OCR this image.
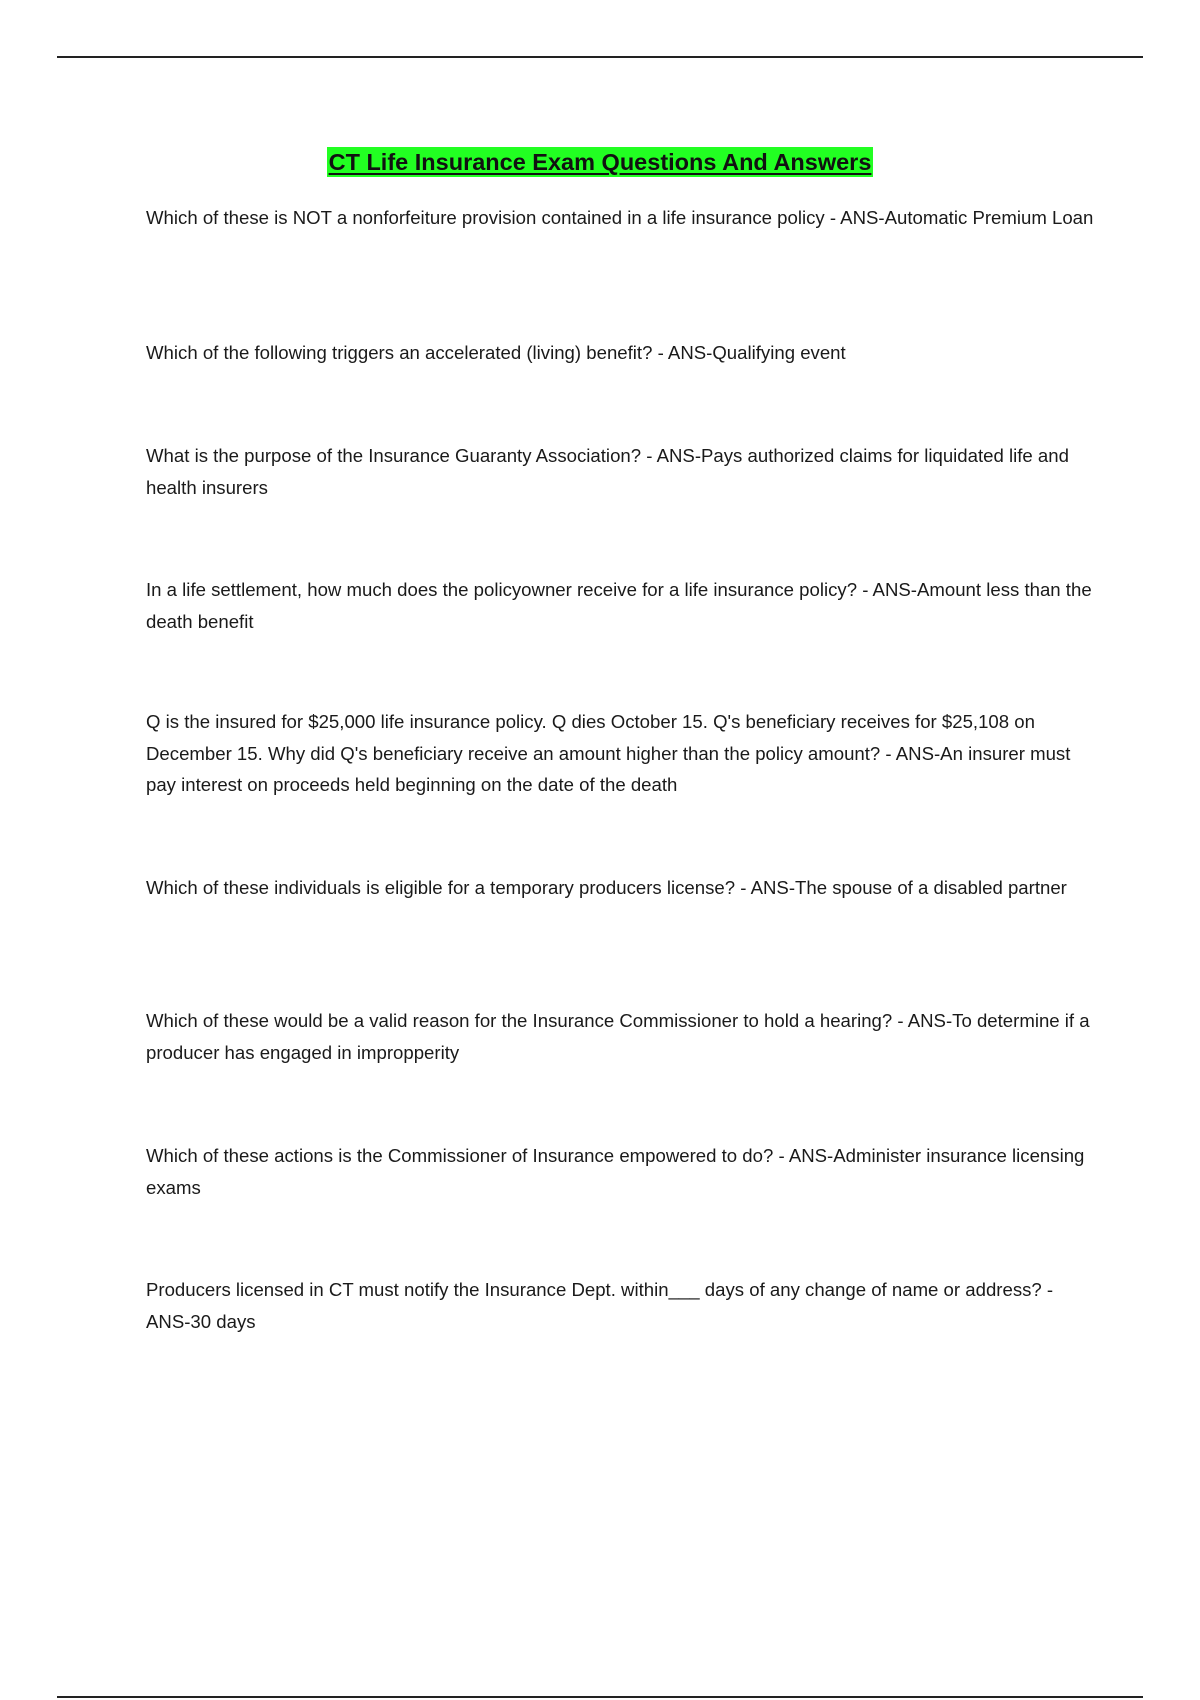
CT Life Insurance Exam Questions And Answers

Which of these is NOT a nonforfeiture provision contained in a life insurance policy - ANS-Automatic Premium Loan

Which of the following triggers an accelerated (living) benefit? - ANS-Qualifying event

What is the purpose of the Insurance Guaranty Association? - ANS-Pays authorized claims for liquidated life and health insurers

In a life settlement, how much does the policyowner receive for a life insurance policy? - ANS-Amount less than the death benefit

Q is the insured for $25,000 life insurance policy. Q dies October 15. Q's beneficiary receives for $25,108 on December 15. Why did Q's beneficiary receive an amount higher than the policy amount? - ANS-An insurer must pay interest on proceeds held beginning on the date of the death

Which of these individuals is eligible for a temporary producers license? - ANS-The spouse of a disabled partner

Which of these would be a valid reason for the Insurance Commissioner to hold a hearing? - ANS-To determine if a producer has engaged in impropperity

Which of these actions is the Commissioner of Insurance empowered to do? - ANS-Administer insurance licensing exams

Producers licensed in CT must notify the Insurance Dept. within___ days of any change of name or address? - ANS-30 days
